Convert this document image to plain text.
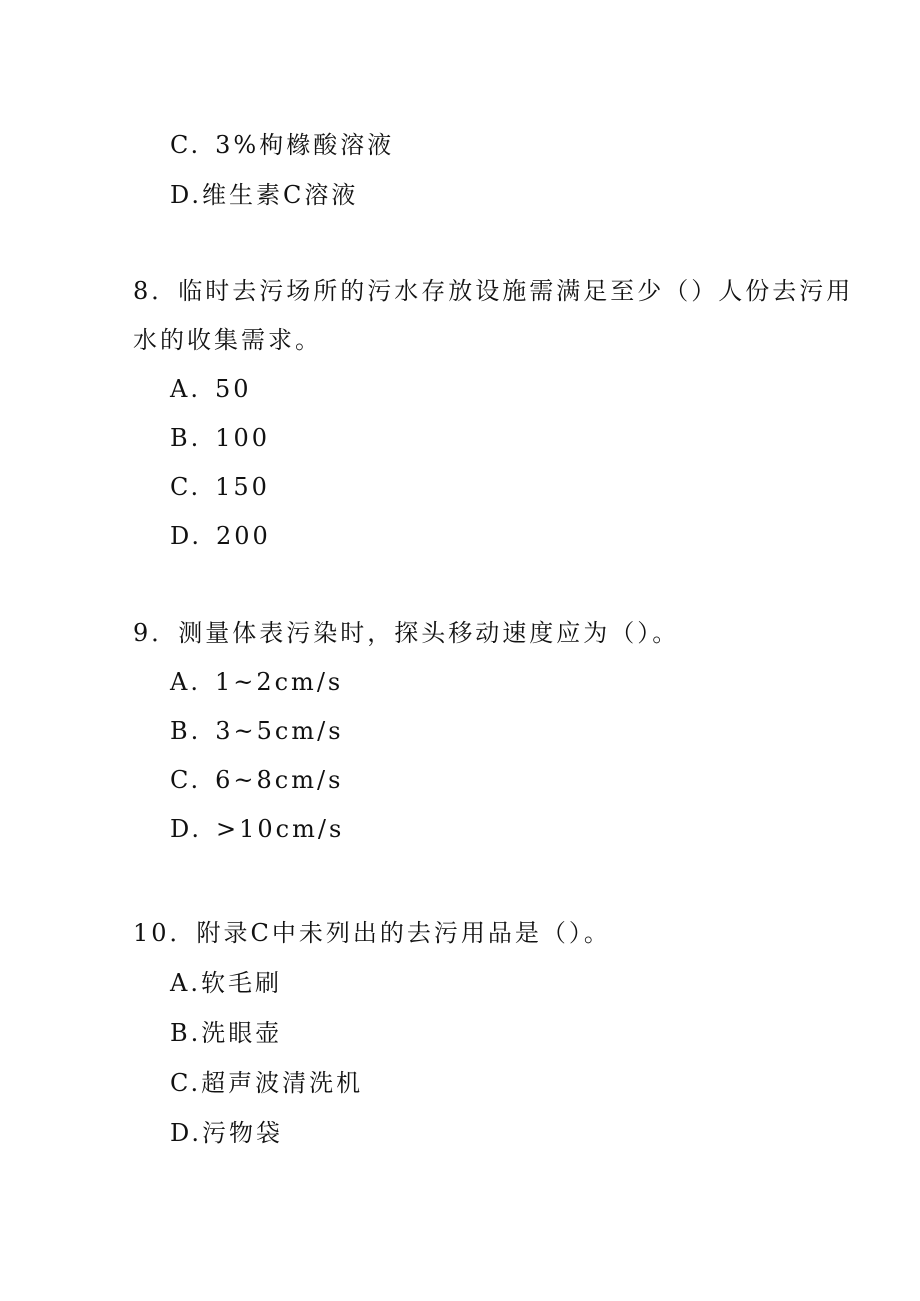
C. 3%枸橼酸溶液
D.维生素C溶液
8．临时去污场所的污水存放设施需满足至少（）人份去污用
水的收集需求。
A. 50
B. 100
C. 150
D. 200
9．测量体表污染时，探头移动速度应为（）。
A. 1~2cm/s
B. 3~5cm/s
C. 6~8cm/s
D. >10cm/s
10．附录C中未列出的去污用品是（）。
A.软毛刷
B.洗眼壶
C.超声波清洗机
D.污物袋
